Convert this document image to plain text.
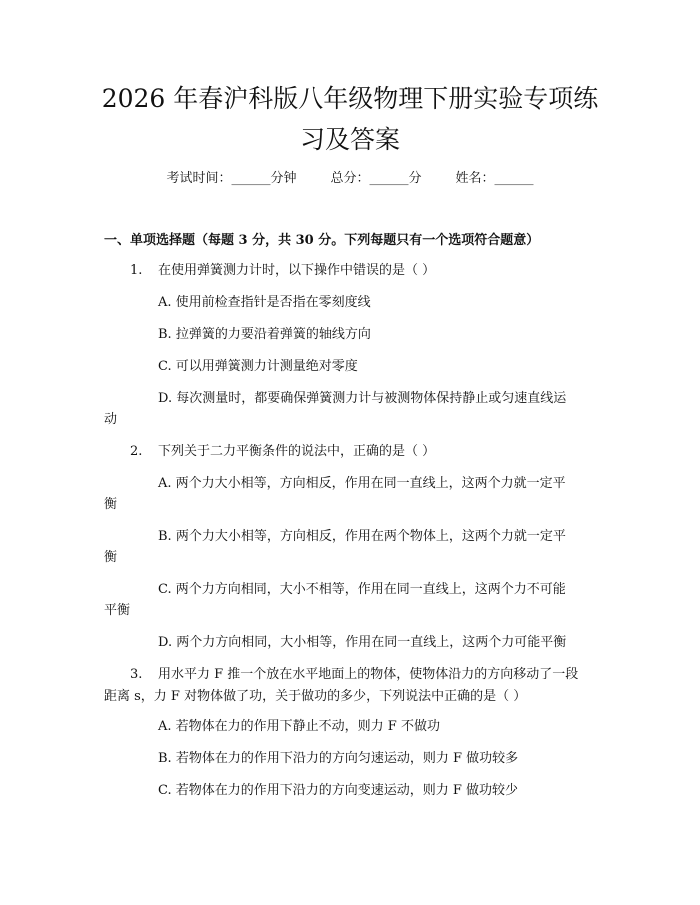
2026 年春沪科版八年级物理下册实验专项练
习及答案
考试时间：______分钟	总分：______分	姓名：______
一、单项选择题（每题 3 分，共 30 分。下列每题只有一个选项符合题意）
1. 在使用弹簧测力计时，以下操作中错误的是（ ）
A. 使用前检查指针是否指在零刻度线
B. 拉弹簧的力要沿着弹簧的轴线方向
C. 可以用弹簧测力计测量绝对零度
D. 每次测量时，都要确保弹簧测力计与被测物体保持静止或匀速直线运
动
2. 下列关于二力平衡条件的说法中，正确的是（ ）
A. 两个力大小相等，方向相反，作用在同一直线上，这两个力就一定平
衡
B. 两个力大小相等，方向相反，作用在两个物体上，这两个力就一定平
衡
C. 两个力方向相同，大小不相等，作用在同一直线上，这两个力不可能
平衡
D. 两个力方向相同，大小相等，作用在同一直线上，这两个力可能平衡
3. 用水平力 F 推一个放在水平地面上的物体，使物体沿力的方向移动了一段
距离 s，力 F 对物体做了功，关于做功的多少，下列说法中正确的是（ ）
A. 若物体在力的作用下静止不动，则力 F 不做功
B. 若物体在力的作用下沿力的方向匀速运动，则力 F 做功较多
C. 若物体在力的作用下沿力的方向变速运动，则力 F 做功较少
